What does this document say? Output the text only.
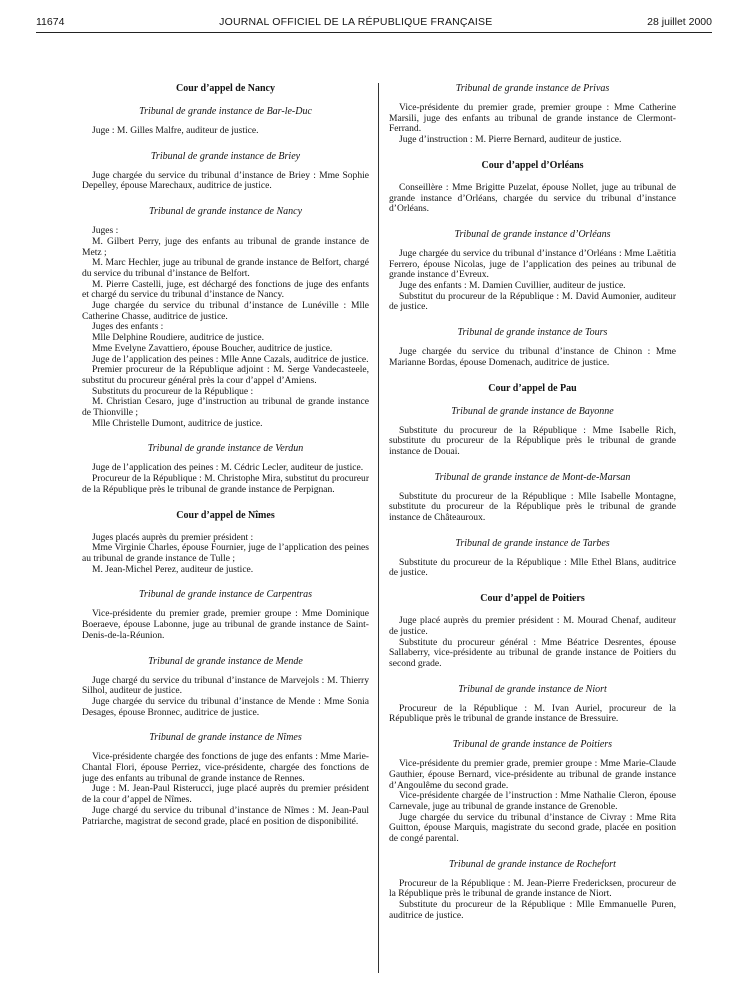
11674	JOURNAL OFFICIEL DE LA RÉPUBLIQUE FRANÇAISE	28 juillet 2000
Cour d’appel de Nancy
Tribunal de grande instance de Bar-le-Duc

Juge : M. Gilles Malfre, auditeur de justice.

Tribunal de grande instance de Briey

Juge chargée du service du tribunal d’instance de Briey : Mme Sophie Depelley, épouse Marechaux, auditrice de justice.

Tribunal de grande instance de Nancy

Juges :

M. Gilbert Perry, juge des enfants au tribunal de grande instance de Metz ;

M. Marc Hechler, juge au tribunal de grande instance de Belfort, chargé du service du tribunal d’instance de Belfort.

M. Pierre Castelli, juge, est déchargé des fonctions de juge des enfants et chargé du service du tribunal d’instance de Nancy.

Juge chargée du service du tribunal d’instance de Lunéville : Mlle Catherine Chasse, auditrice de justice.

Juges des enfants :

Mlle Delphine Roudiere, auditrice de justice.

Mme Evelyne Zavattiero, épouse Boucher, auditrice de justice.

Juge de l’application des peines : Mlle Anne Cazals, auditrice de justice.

Premier procureur de la République adjoint : M. Serge Vandecasteele, substitut du procureur général près la cour d’appel d’Amiens.

Substituts du procureur de la République :

M. Christian Cesaro, juge d’instruction au tribunal de grande instance de Thionville ;

Mlle Christelle Dumont, auditrice de justice.

Tribunal de grande instance de Verdun

Juge de l’application des peines : M. Cédric Lecler, auditeur de justice.

Procureur de la République : M. Christophe Mira, substitut du procureur de la République près le tribunal de grande instance de Perpignan.

Cour d’appel de Nîmes

Juges placés auprès du premier président :

Mme Virginie Charles, épouse Fournier, juge de l’application des peines au tribunal de grande instance de Tulle ;

M. Jean-Michel Perez, auditeur de justice.

Tribunal de grande instance de Carpentras

Vice-présidente du premier grade, premier groupe : Mme Dominique Boeraeve, épouse Labonne, juge au tribunal de grande instance de Saint-Denis-de-la-Réunion.

Tribunal de grande instance de Mende

Juge chargé du service du tribunal d’instance de Marvejols : M. Thierry Silhol, auditeur de justice.

Juge chargée du service du tribunal d’instance de Mende : Mme Sonia Desages, épouse Bronnec, auditrice de justice.

Tribunal de grande instance de Nîmes

Vice-présidente chargée des fonctions de juge des enfants : Mme Marie-Chantal Flori, épouse Perriez, vice-présidente, chargée des fonctions de juge des enfants au tribunal de grande instance de Rennes.

Juge : M. Jean-Paul Risterucci, juge placé auprès du premier président de la cour d’appel de Nîmes.

Juge chargé du service du tribunal d’instance de Nîmes : M. Jean-Paul Patriarche, magistrat de second grade, placé en position de disponibilité.

Tribunal de grande instance de Privas

Vice-présidente du premier grade, premier groupe : Mme Catherine Marsili, juge des enfants au tribunal de grande instance de Clermont-Ferrand.

Juge d’instruction : M. Pierre Bernard, auditeur de justice.

Cour d’appel d’Orléans

Conseillère : Mme Brigitte Puzelat, épouse Nollet, juge au tribunal de grande instance d’Orléans, chargée du service du tribunal d’instance d’Orléans.

Tribunal de grande instance d’Orléans

Juge chargée du service du tribunal d’instance d’Orléans : Mme Laëtitia Ferrero, épouse Nicolas, juge de l’application des peines au tribunal de grande instance d’Evreux.

Juge des enfants : M. Damien Cuvillier, auditeur de justice.

Substitut du procureur de la République : M. David Aumonier, auditeur de justice.

Tribunal de grande instance de Tours

Juge chargée du service du tribunal d’instance de Chinon : Mme Marianne Bordas, épouse Domenach, auditrice de justice.

Cour d’appel de Pau
Tribunal de grande instance de Bayonne

Substitute du procureur de la République : Mme Isabelle Rich, substitute du procureur de la République près le tribunal de grande instance de Douai.

Tribunal de grande instance de Mont-de-Marsan

Substitute du procureur de la République : Mlle Isabelle Montagne, substitute du procureur de la République près le tribunal de grande instance de Châteauroux.

Tribunal de grande instance de Tarbes

Substitute du procureur de la République : Mlle Ethel Blans, auditrice de justice.

Cour d’appel de Poitiers

Juge placé auprès du premier président : M. Mourad Chenaf, auditeur de justice.

Substitute du procureur général : Mme Béatrice Desrentes, épouse Sallaberry, vice-présidente au tribunal de grande instance de Poitiers du second grade.

Tribunal de grande instance de Niort

Procureur de la République : M. Ivan Auriel, procureur de la République près le tribunal de grande instance de Bressuire.

Tribunal de grande instance de Poitiers

Vice-présidente du premier grade, premier groupe : Mme Marie-Claude Gauthier, épouse Bernard, vice-présidente au tribunal de grande instance d’Angoulême du second grade.

Vice-présidente chargée de l’instruction : Mme Nathalie Cleron, épouse Carnevale, juge au tribunal de grande instance de Grenoble.

Juge chargée du service du tribunal d’instance de Civray : Mme Rita Guitton, épouse Marquis, magistrate du second grade, placée en position de congé parental.

Tribunal de grande instance de Rochefort

Procureur de la République : M. Jean-Pierre Fredericksen, procureur de la République près le tribunal de grande instance de Niort.

Substitute du procureur de la République : Mlle Emmanuelle Puren, auditrice de justice.
